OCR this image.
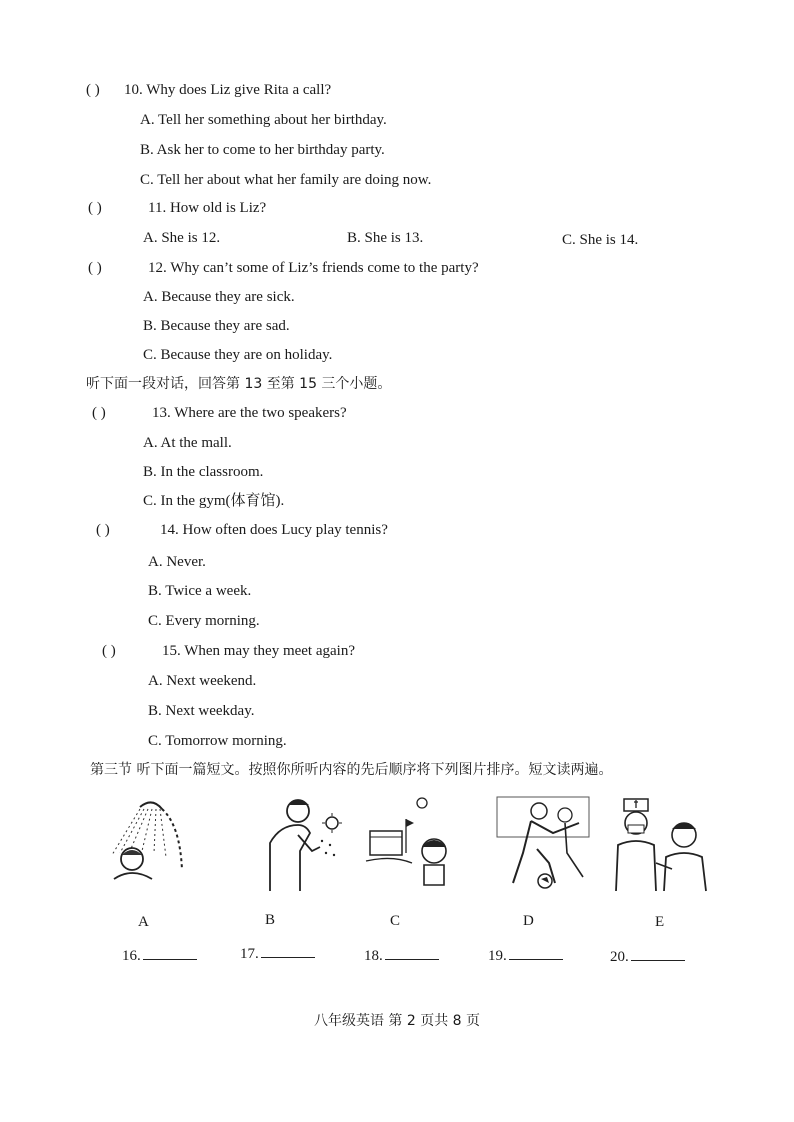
( ) 10. Why does Liz give Rita a call?
A. Tell her something about her birthday.
B. Ask her to come to her birthday party.
C. Tell her about what her family are doing now.
( )	11. How old is Liz?
A. She is 12.	B. She is 13.	C. She is 14.
( )	12. Why can’t some of Liz’s friends come to the party?
A. Because they are sick.
B. Because they are sad.
C. Because they are on holiday.
听下面一段对话，回答第 13 至第 15 三个小题。
( )	13. Where are the two speakers?
A. At the mall.
B. In the classroom.
C. In the gym(体育馆).
( )	14. How often does Lucy play tennis?
A. Never.
B. Twice a week.
C. Every morning.
( )	15. When may they meet again?
A. Next weekend.
B. Next weekday.
C. Tomorrow morning.
第三节 听下面一篇短文。按照你所听内容的先后顺序将下列图片排序。短文读两遍。
A	B	C	D	E
16.	17.	18.	19.	20.
八年级英语 第 2 页共 8 页
